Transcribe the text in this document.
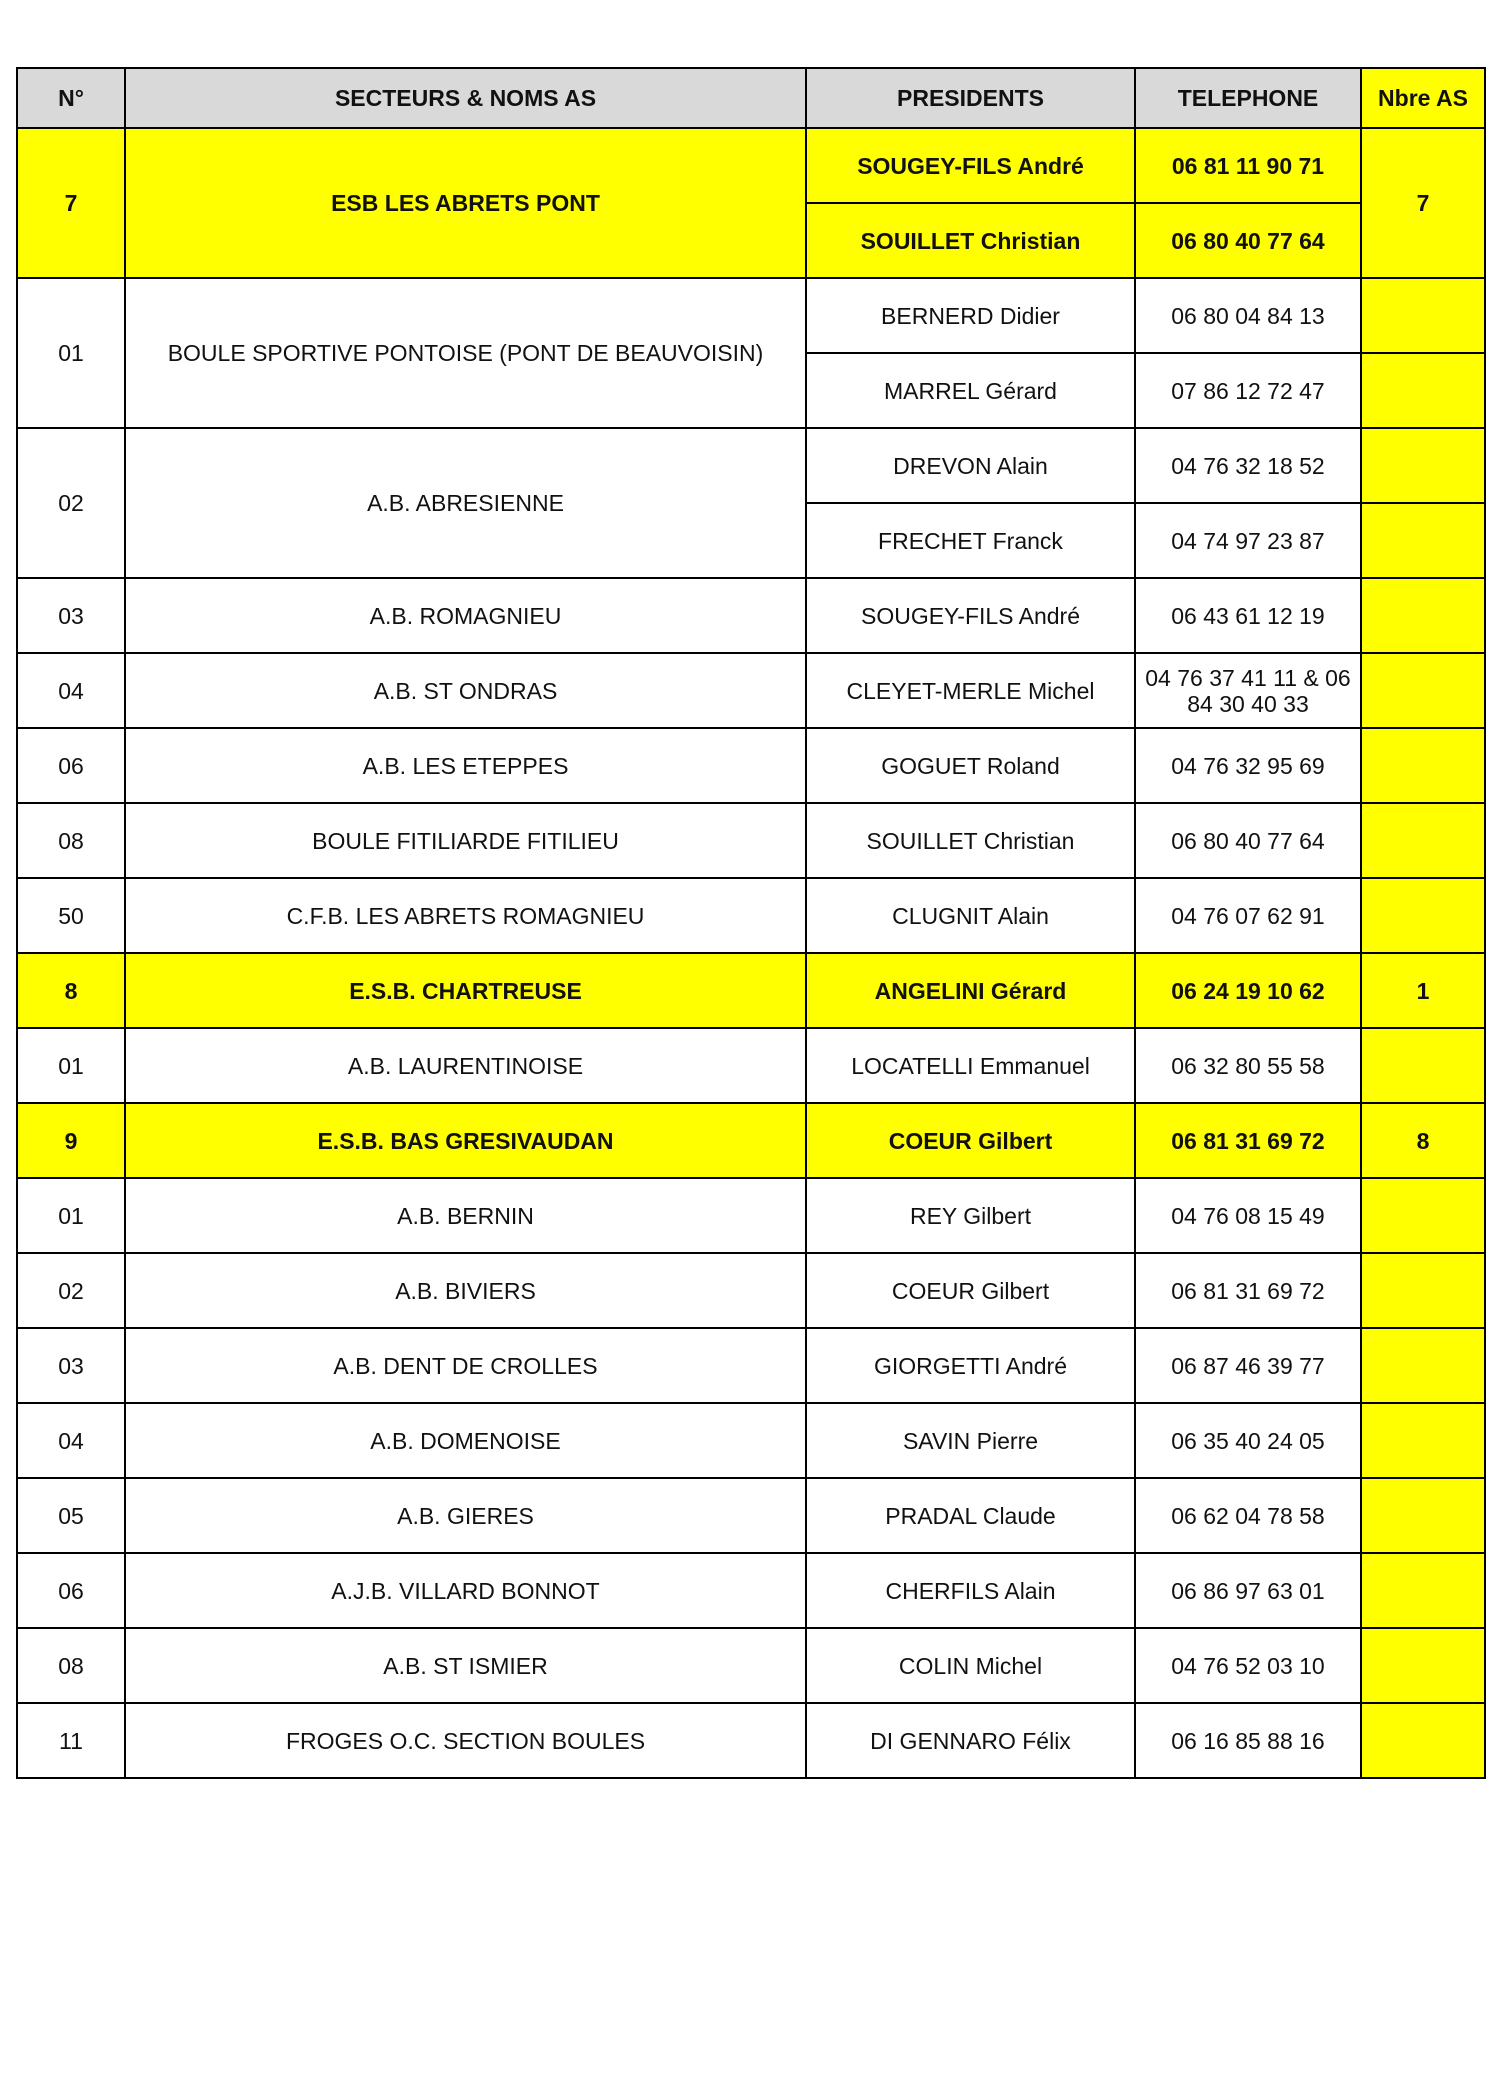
N°	SECTEURS & NOMS AS	PRESIDENTS	TELEPHONE	Nbre AS
7	ESB LES ABRETS PONT	SOUGEY-FILS André	06 81 11 90 71	7
		SOUILLET Christian	06 80 40 77 64	
01	BOULE SPORTIVE PONTOISE (PONT DE BEAUVOISIN)	BERNERD Didier	06 80 04 84 13	
		MARREL Gérard	07 86 12 72 47	
02	A.B. ABRESIENNE	DREVON Alain	04 76 32 18 52	
		FRECHET Franck	04 74 97 23 87	
03	A.B. ROMAGNIEU	SOUGEY-FILS André	06 43 61 12 19	
04	A.B. ST ONDRAS	CLEYET-MERLE Michel	04 76 37 41 11 & 06 84 30 40 33	
06	A.B. LES ETEPPES	GOGUET Roland	04 76 32 95 69	
08	BOULE FITILIARDE FITILIEU	SOUILLET Christian	06 80 40 77 64	
50	C.F.B. LES ABRETS ROMAGNIEU	CLUGNIT Alain	04 76 07 62 91	
8	E.S.B. CHARTREUSE	ANGELINI Gérard	06 24 19 10 62	1
01	A.B. LAURENTINOISE	LOCATELLI Emmanuel	06 32 80 55 58	
9	E.S.B. BAS GRESIVAUDAN	COEUR Gilbert	06 81 31 69 72	8
01	A.B. BERNIN	REY Gilbert	04 76 08 15 49	
02	A.B. BIVIERS	COEUR Gilbert	06 81 31 69 72	
03	A.B. DENT DE CROLLES	GIORGETTI André	06 87 46 39 77	
04	A.B. DOMENOISE	SAVIN Pierre	06 35 40 24 05	
05	A.B. GIERES	PRADAL Claude	06 62 04 78 58	
06	A.J.B. VILLARD BONNOT	CHERFILS Alain	06 86 97 63 01	
08	A.B. ST ISMIER	COLIN Michel	04 76 52 03 10	
11	FROGES O.C. SECTION BOULES	DI GENNARO Félix	06 16 85 88 16	
